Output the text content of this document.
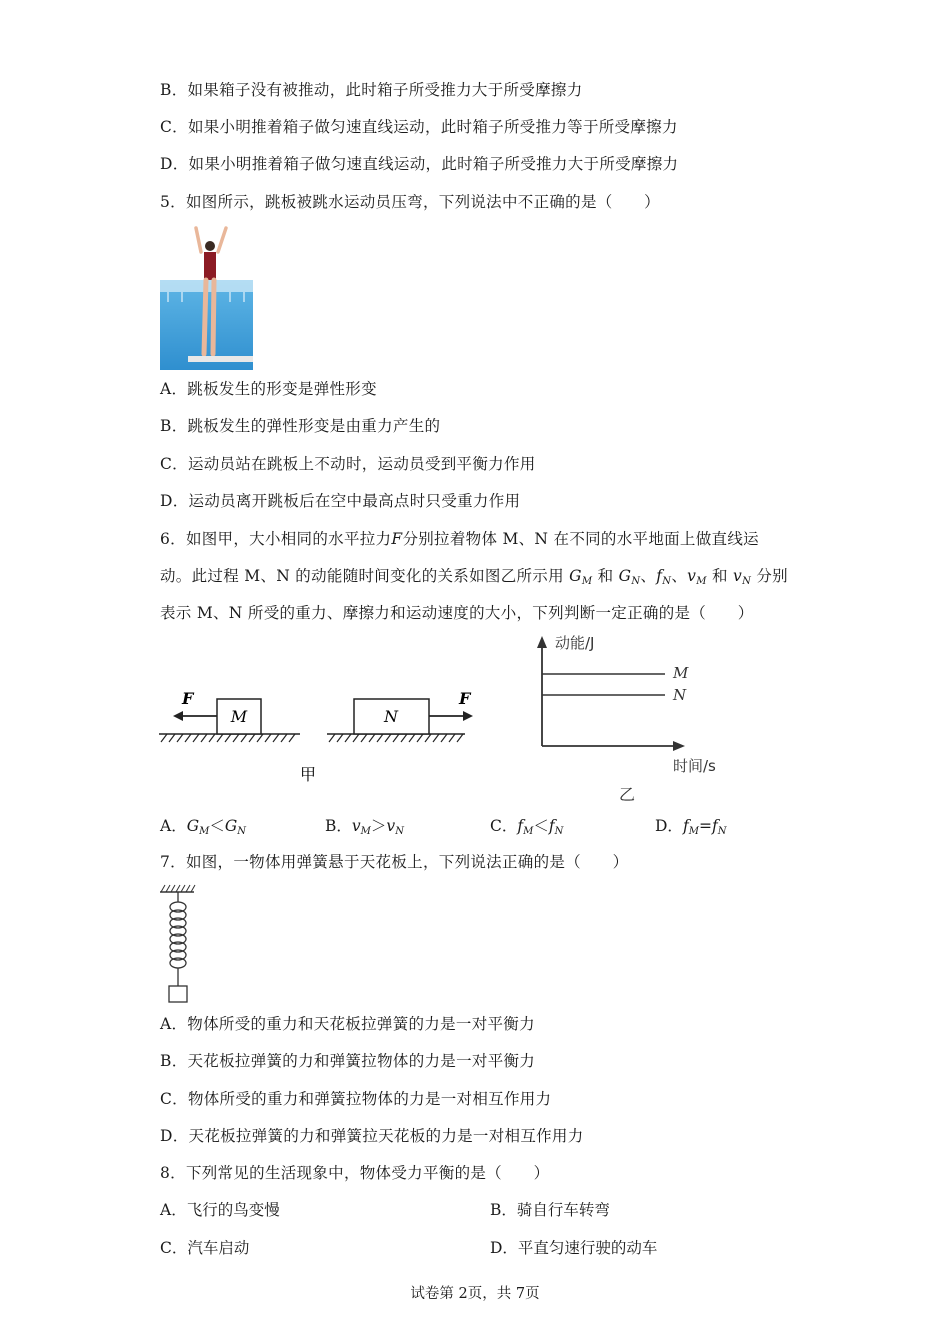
B．如果箱子没有被推动，此时箱子所受推力大于所受摩擦力
C．如果小明推着箱子做匀速直线运动，此时箱子所受推力等于所受摩擦力
D．如果小明推着箱子做匀速直线运动，此时箱子所受推力大于所受摩擦力
5．如图所示，跳板被跳水运动员压弯，下列说法中不正确的是（　　）
A．跳板发生的形变是弹性形变
B．跳板发生的弹性形变是由重力产生的
C．运动员站在跳板上不动时，运动员受到平衡力作用
D．运动员离开跳板后在空中最高点时只受重力作用
6．如图甲，大小相同的水平拉力F分别拉着物体 M、N 在不同的水平地面上做直线运
动。此过程 M、N 的动能随时间变化的关系如图乙所示用 $G_M$ 和 $G_N$、$f_N$、$v_M$ 和 $v_N$ 分别
表示 M、N 所受的重力、摩擦力和运动速度的大小，下列判断一定正确的是（　　）
M
F
N
F
甲
动能/J
M
N
时间/s
乙
A．$G_M<G_N$	B．$v_M>v_N$	C．$f_M<f_N$	D．$f_M=f_N$
7．如图，一物体用弹簧悬于天花板上，下列说法正确的是（　　）
A．物体所受的重力和天花板拉弹簧的力是一对平衡力
B．天花板拉弹簧的力和弹簧拉物体的力是一对平衡力
C．物体所受的重力和弹簧拉物体的力是一对相互作用力
D．天花板拉弹簧的力和弹簧拉天花板的力是一对相互作用力
8．下列常见的生活现象中，物体受力平衡的是（　　）
A．飞行的鸟变慢	B．骑自行车转弯
C．汽车启动	D．平直匀速行驶的动车
试卷第 2页，共 7页
